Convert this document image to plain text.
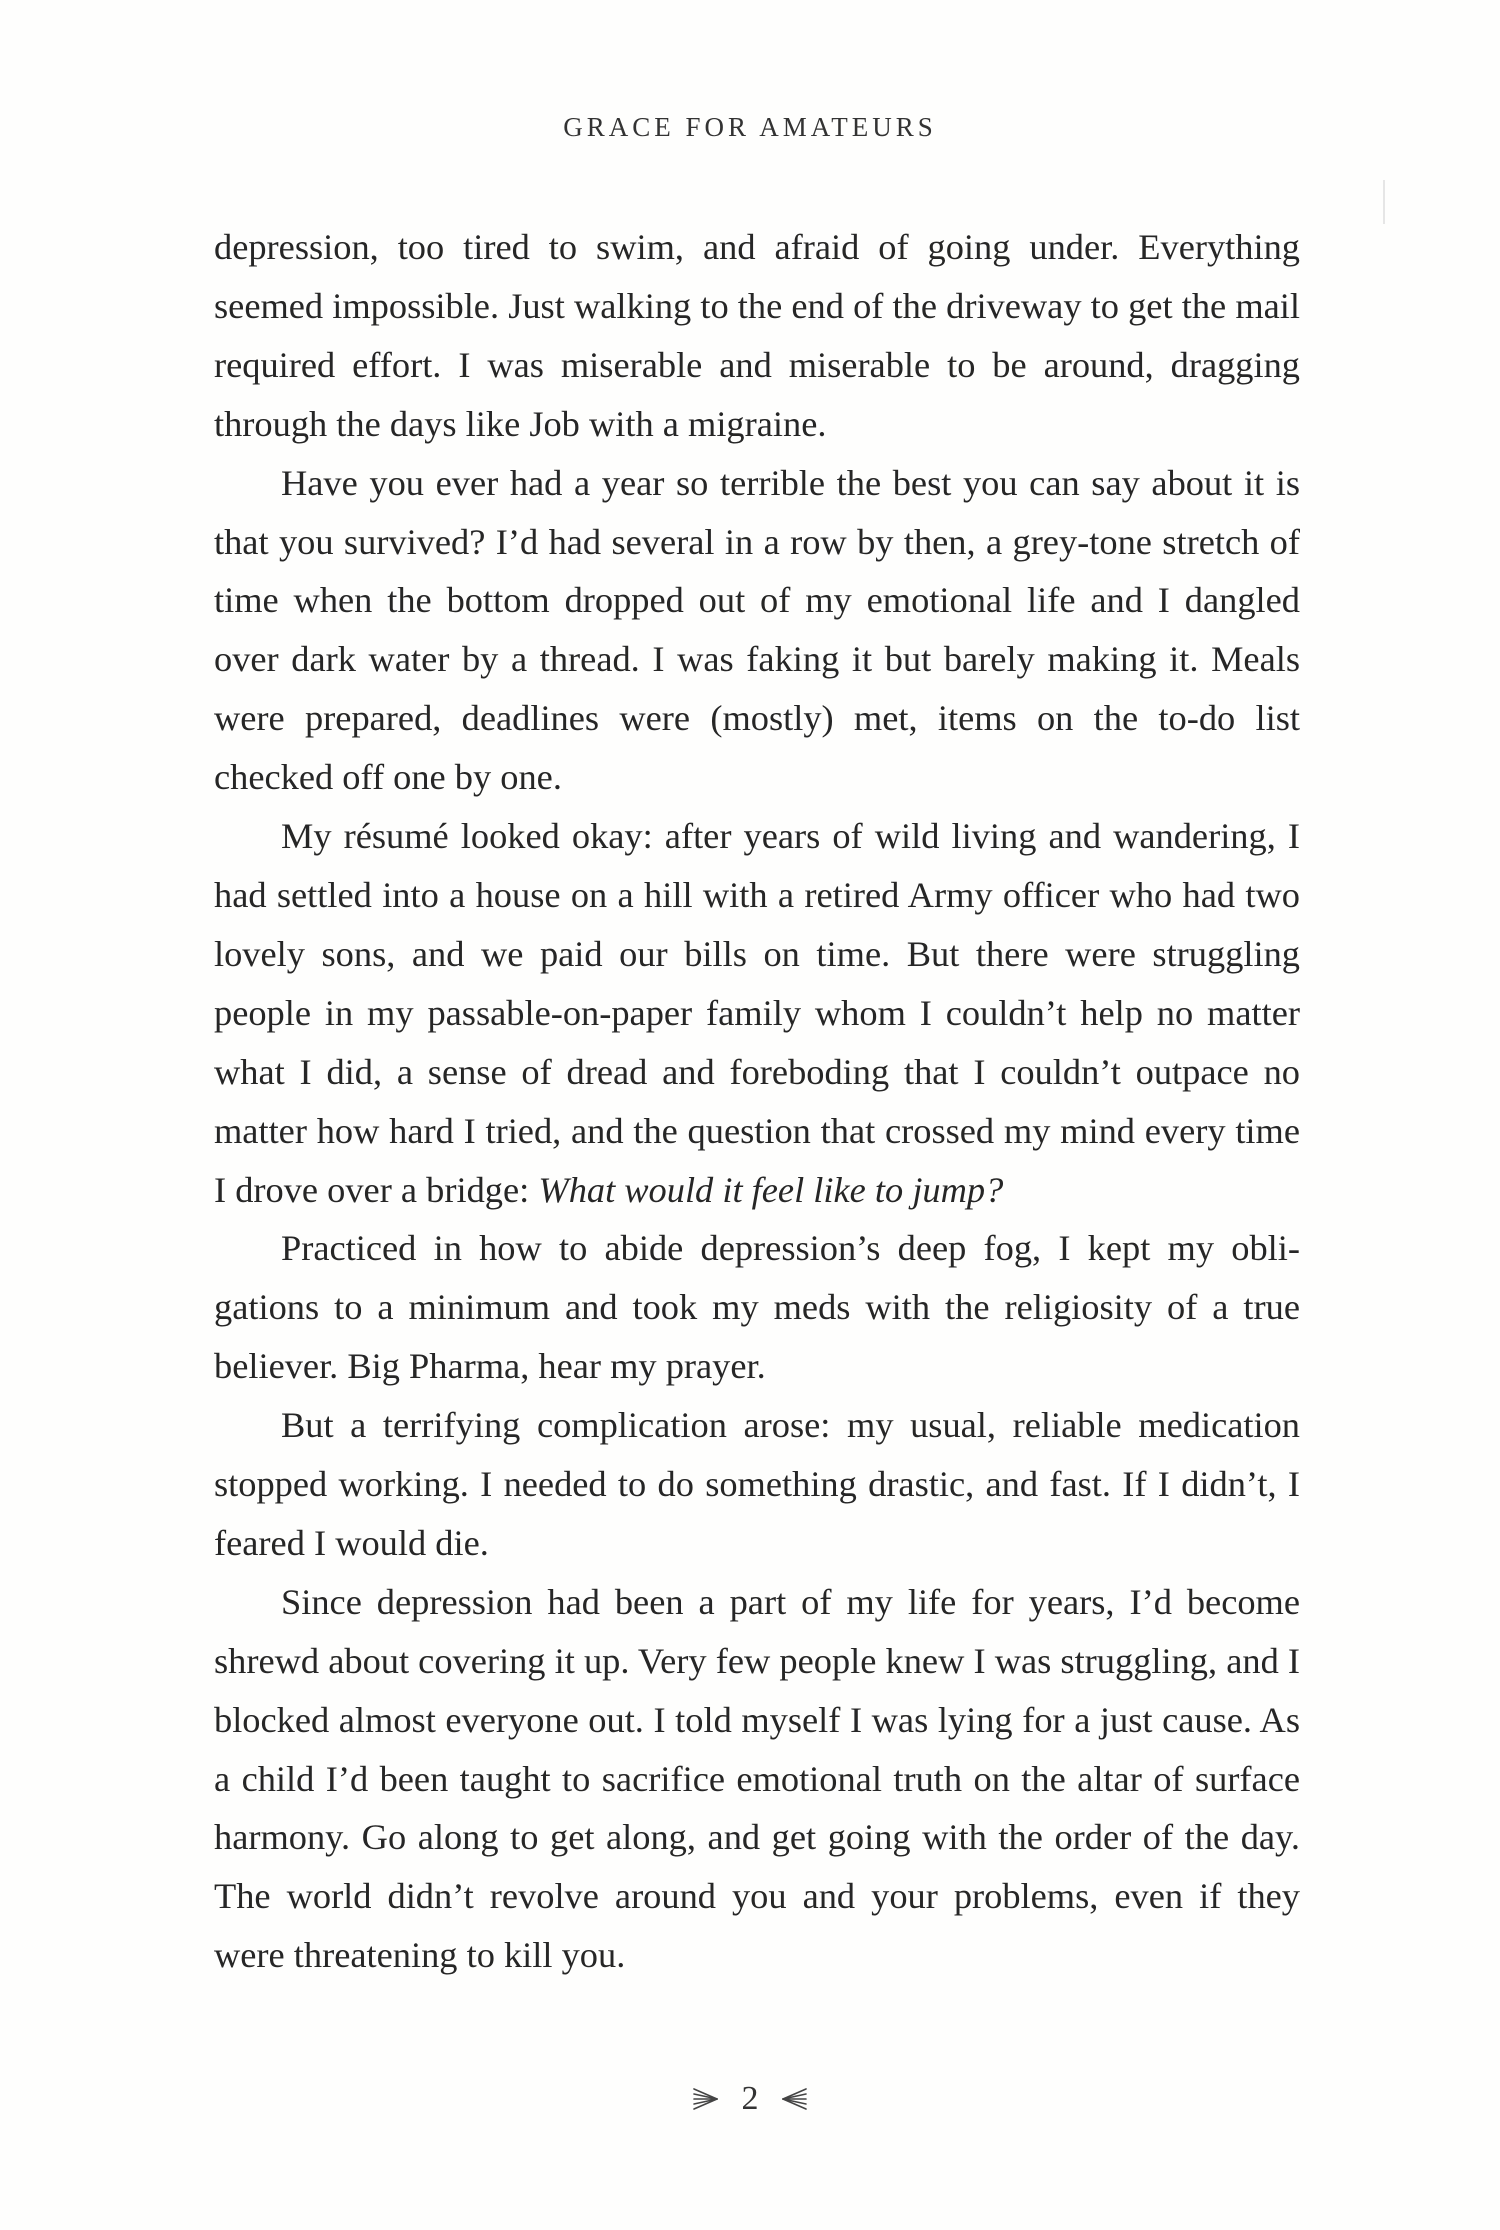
GRACE FOR AMATEURS

depression, too tired to swim, and afraid of going under. Everything seemed impossible. Just walking to the end of the driveway to get the mail required effort. I was miserable and miserable to be around, dragging through the days like Job with a migraine.

Have you ever had a year so terrible the best you can say about it is that you survived? I’d had several in a row by then, a grey-tone stretch of time when the bottom dropped out of my emotional life and I dangled over dark water by a thread. I was faking it but barely making it. Meals were prepared, deadlines were (mostly) met, items on the to-do list checked off one by one.

My résumé looked okay: after years of wild living and wandering, I had settled into a house on a hill with a retired Army officer who had two lovely sons, and we paid our bills on time. But there were struggling people in my passable-on-paper family whom I couldn’t help no matter what I did, a sense of dread and foreboding that I couldn’t outpace no matter how hard I tried, and the question that crossed my mind every time I drove over a bridge: What would it feel like to jump?

Practiced in how to abide depression’s deep fog, I kept my obligations to a minimum and took my meds with the religiosity of a true believer. Big Pharma, hear my prayer.

But a terrifying complication arose: my usual, reliable medication stopped working. I needed to do something drastic, and fast. If I didn’t, I feared I would die.

Since depression had been a part of my life for years, I’d become shrewd about covering it up. Very few people knew I was struggling, and I blocked almost everyone out. I told myself I was lying for a just cause. As a child I’d been taught to sacrifice emotional truth on the altar of surface harmony. Go along to get along, and get going with the order of the day. The world didn’t revolve around you and your problems, even if they were threatening to kill you.

2
